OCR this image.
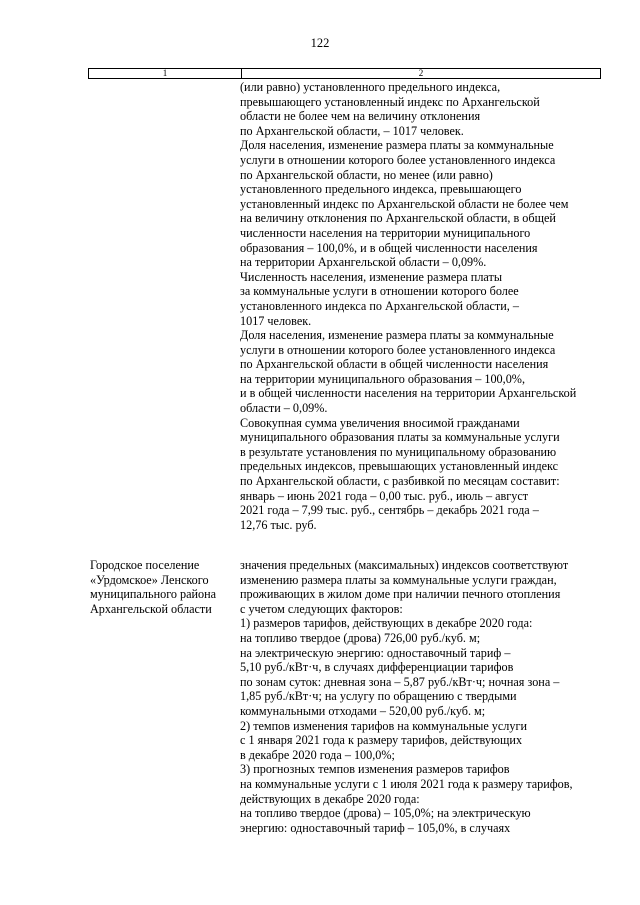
122
1	2
(или равно) установленного предельного индекса,
превышающего установленный индекс по Архангельской
области не более чем на величину отклонения
по Архангельской области, – 1017 человек.
Доля населения, изменение размера платы за коммунальные
услуги в отношении которого более установленного индекса
по Архангельской области, но менее (или равно)
установленного предельного индекса, превышающего
установленный индекс по Архангельской области не более чем
на величину отклонения по Архангельской области, в общей
численности населения на территории муниципального
образования – 100,0%, и в общей численности населения
на территории Архангельской области – 0,09%.
Численность населения, изменение размера платы
за коммунальные услуги в отношении которого более
установленного индекса по Архангельской области, –
1017 человек.
Доля населения, изменение размера платы за коммунальные
услуги в отношении которого более установленного индекса
по Архангельской области в общей численности населения
на территории муниципального образования – 100,0%,
и в общей численности населения на территории Архангельской
области – 0,09%.
Совокупная сумма увеличения вносимой гражданами
муниципального образования платы за коммунальные услуги
в результате установления по муниципальному образованию
предельных индексов, превышающих установленный индекс
по Архангельской области, с разбивкой по месяцам составит:
январь – июнь 2021 года – 0,00 тыс. руб., июль – август
2021 года – 7,99 тыс. руб., сентябрь – декабрь 2021 года –
12,76 тыс. руб.
Городское поселение
«Урдомское» Ленского
муниципального района
Архангельской области
значения предельных (максимальных) индексов соответствуют
изменению размера платы за коммунальные услуги граждан,
проживающих в жилом доме при наличии печного отопления
с учетом следующих факторов:
1) размеров тарифов, действующих в декабре 2020 года:
на топливо твердое (дрова) 726,00 руб./куб. м;
на электрическую энергию: одноставочный тариф –
5,10 руб./кВт·ч, в случаях дифференциации тарифов
по зонам суток: дневная зона – 5,87 руб./кВт·ч; ночная зона –
1,85 руб./кВт·ч; на услугу по обращению с твердыми
коммунальными отходами – 520,00 руб./куб. м;
2) темпов изменения тарифов на коммунальные услуги
с 1 января 2021 года к размеру тарифов, действующих
в декабре 2020 года – 100,0%;
3) прогнозных темпов изменения размеров тарифов
на коммунальные услуги с 1 июля 2021 года к размеру тарифов,
действующих в декабре 2020 года:
на топливо твердое (дрова) – 105,0%; на электрическую
энергию: одноставочный тариф – 105,0%, в случаях
